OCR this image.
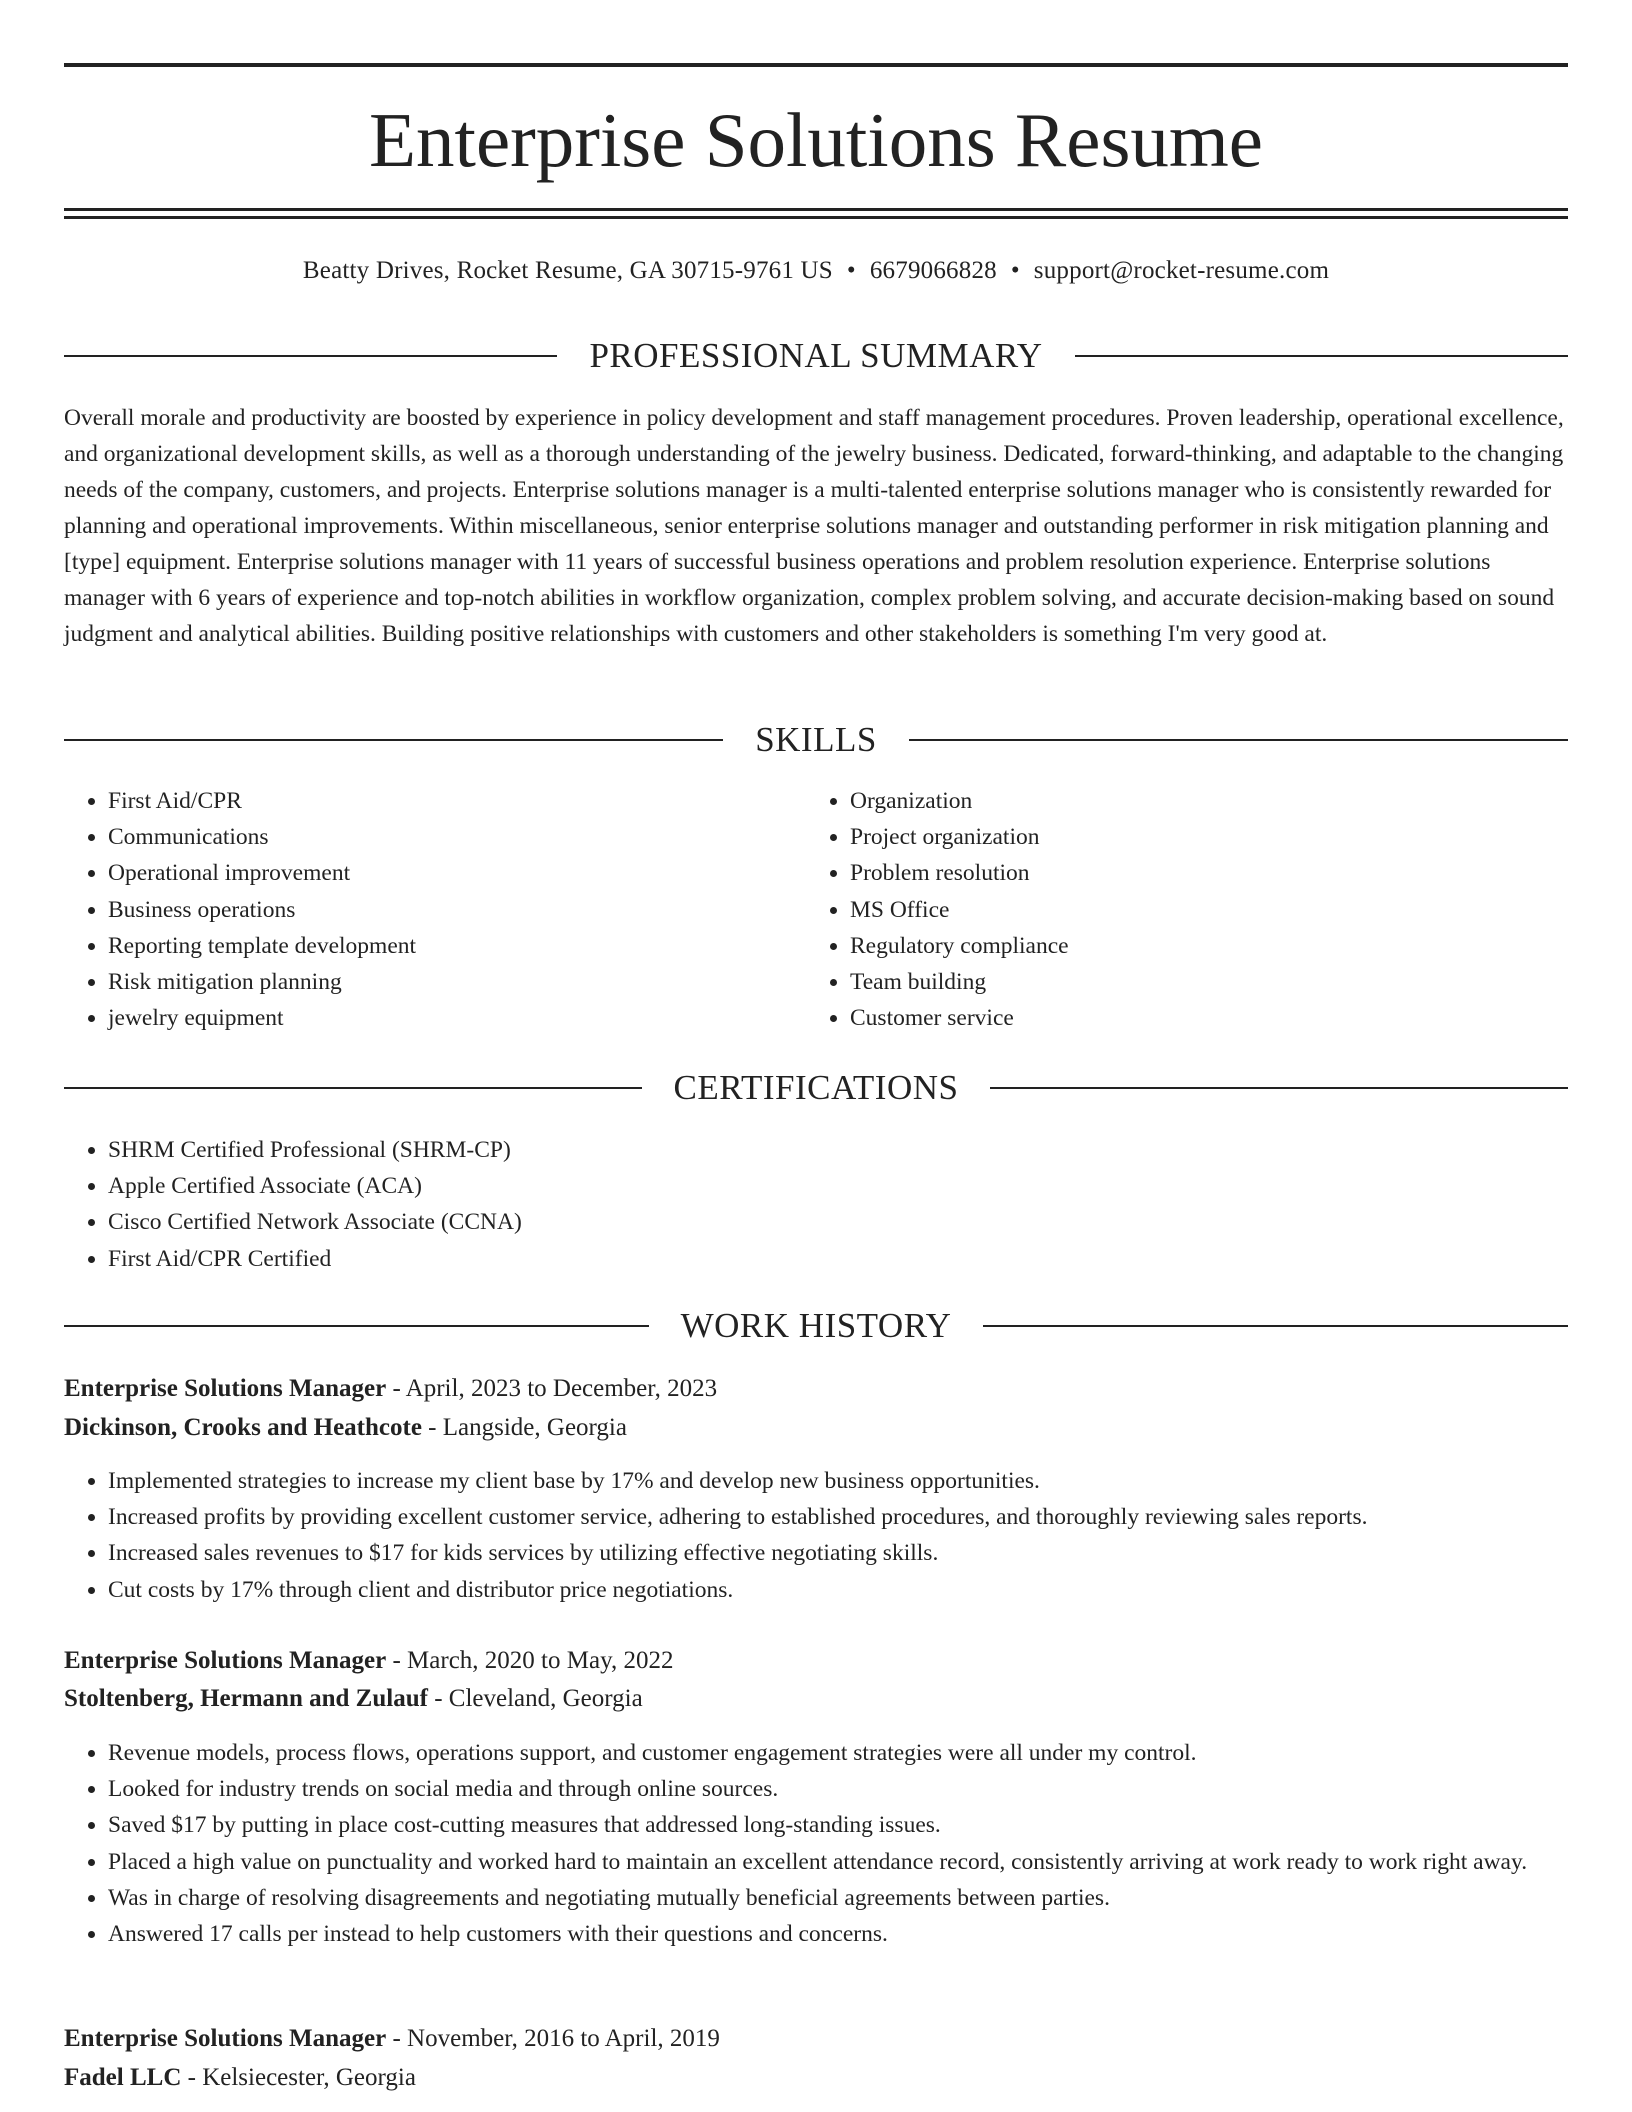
Enterprise Solutions Resume
Beatty Drives, Rocket Resume, GA 30715-9761 US • 6679066828 • support@rocket-resume.com
PROFESSIONAL SUMMARY

Overall morale and productivity are boosted by experience in policy development and staff management procedures. Proven leadership, operational excellence, and organizational development skills, as well as a thorough understanding of the jewelry business. Dedicated, forward-thinking, and adaptable to the changing needs of the company, customers, and projects. Enterprise solutions manager is a multi-talented enterprise solutions manager who is consistently rewarded for planning and operational improvements. Within miscellaneous, senior enterprise solutions manager and outstanding performer in risk mitigation planning and [type] equipment. Enterprise solutions manager with 11 years of successful business operations and problem resolution experience. Enterprise solutions manager with 6 years of experience and top-notch abilities in workflow organization, complex problem solving, and accurate decision-making based on sound judgment and analytical abilities. Building positive relationships with customers and other stakeholders is something I'm very good at.

SKILLS
• First Aid/CPR
• Communications
• Operational improvement
• Business operations
• Reporting template development
• Risk mitigation planning
• jewelry equipment
• Organization
• Project organization
• Problem resolution
• MS Office
• Regulatory compliance
• Team building
• Customer service
CERTIFICATIONS
• SHRM Certified Professional (SHRM-CP)
• Apple Certified Associate (ACA)
• Cisco Certified Network Associate (CCNA)
• First Aid/CPR Certified
WORK HISTORY
Enterprise Solutions Manager - April, 2023 to December, 2023
Dickinson, Crooks and Heathcote - Langside, Georgia
• Implemented strategies to increase my client base by 17% and develop new business opportunities.
• Increased profits by providing excellent customer service, adhering to established procedures, and thoroughly reviewing sales reports.
• Increased sales revenues to $17 for kids services by utilizing effective negotiating skills.
• Cut costs by 17% through client and distributor price negotiations.
Enterprise Solutions Manager - March, 2020 to May, 2022
Stoltenberg, Hermann and Zulauf - Cleveland, Georgia
• Revenue models, process flows, operations support, and customer engagement strategies were all under my control.
• Looked for industry trends on social media and through online sources.
• Saved $17 by putting in place cost-cutting measures that addressed long-standing issues.
• Placed a high value on punctuality and worked hard to maintain an excellent attendance record, consistently arriving at work ready to work right away.
• Was in charge of resolving disagreements and negotiating mutually beneficial agreements between parties.
• Answered 17 calls per instead to help customers with their questions and concerns.
Enterprise Solutions Manager - November, 2016 to April, 2019
Fadel LLC - Kelsiecester, Georgia
